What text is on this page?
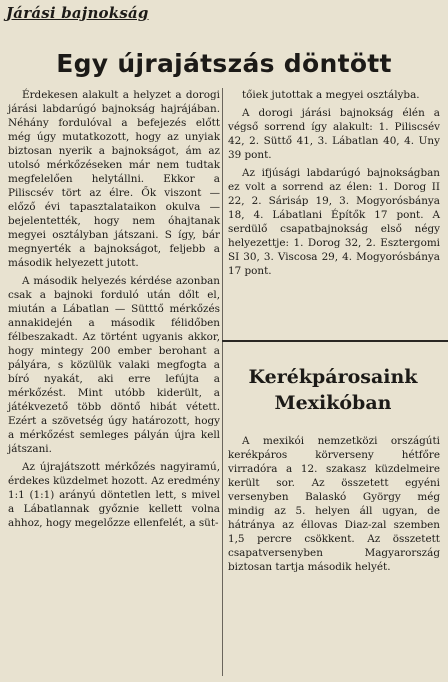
Járási bajnokság
Egy újrajátszás döntött

Érdekesen alakult a helyzet a dorogi járási labdarúgó bajnokság hajrájában. Néhány fordulóval a befejezés előtt még úgy mutatkozott, hogy az unyiak biztosan nyerik a bajnokságot, ám az utolsó mérkőzéseken már nem tudtak megfelelően helytállni. Ekkor a Piliscsév tört az élre. Ők viszont — előző évi tapasztalataikon okulva — bejelentették, hogy nem óhajtanak megyei osztályban játszani. S így, bár megnyerték a bajnokságot, feljebb a második helyezett jutott.

A második helyezés kérdése azonban csak a bajnoki forduló után dőlt el, miután a Lábatlan — Sütttő mérkőzés annakidején a második félidőben félbeszakadt. Az történt ugyanis akkor, hogy mintegy 200 ember berohant a pályára, s közülük valaki megfogta a bíró nyakát, aki erre lefújta a mérkőzést. Mint utóbb kiderült, a játékvezető több döntő hibát vétett. Ezért a szövetség úgy határozott, hogy a mérkőzést semleges pályán újra kell játszani.

Az újrajátszott mérkőzés nagyiramú, érdekes küzdelmet hozott. Az eredmény 1:1 (1:1) arányú döntetlen lett, s mivel a Lábatlannak győznie kellett volna ahhoz, hogy megelőzze ellenfelét, a süt-

tőiek jutottak a megyei osztályba.

A dorogi járási bajnokság élén a végső sorrend így alakult: 1. Piliscsév 42, 2. Süttő 41, 3. Lábatlan 40, 4. Uny 39 pont.

Az ifjúsági labdarúgó bajnokságban ez volt a sorrend az élen: 1. Dorog II 22, 2. Sárisáp 19, 3. Mogyorósbánya 18, 4. Lábatlani Építők 17 pont. A serdülő csapatbajnokság első négy helyezettje: 1. Dorog 32, 2. Esztergomi SI 30, 3. Viscosa 29, 4. Mogyorósbánya 17 pont.

Kerékpárosaink
Mexikóban

A mexikói nemzetközi országúti kerékpáros körverseny hétfőre virradóra a 12. szakasz küzdelmeire került sor. Az összetett egyéni versenyben Balaskó György még mindig az 5. helyen áll ugyan, de hátránya az éllovas Diaz-zal szemben 1,5 percre csökkent. Az összetett csapatversenyben Magyarország biztosan tartja második helyét.
